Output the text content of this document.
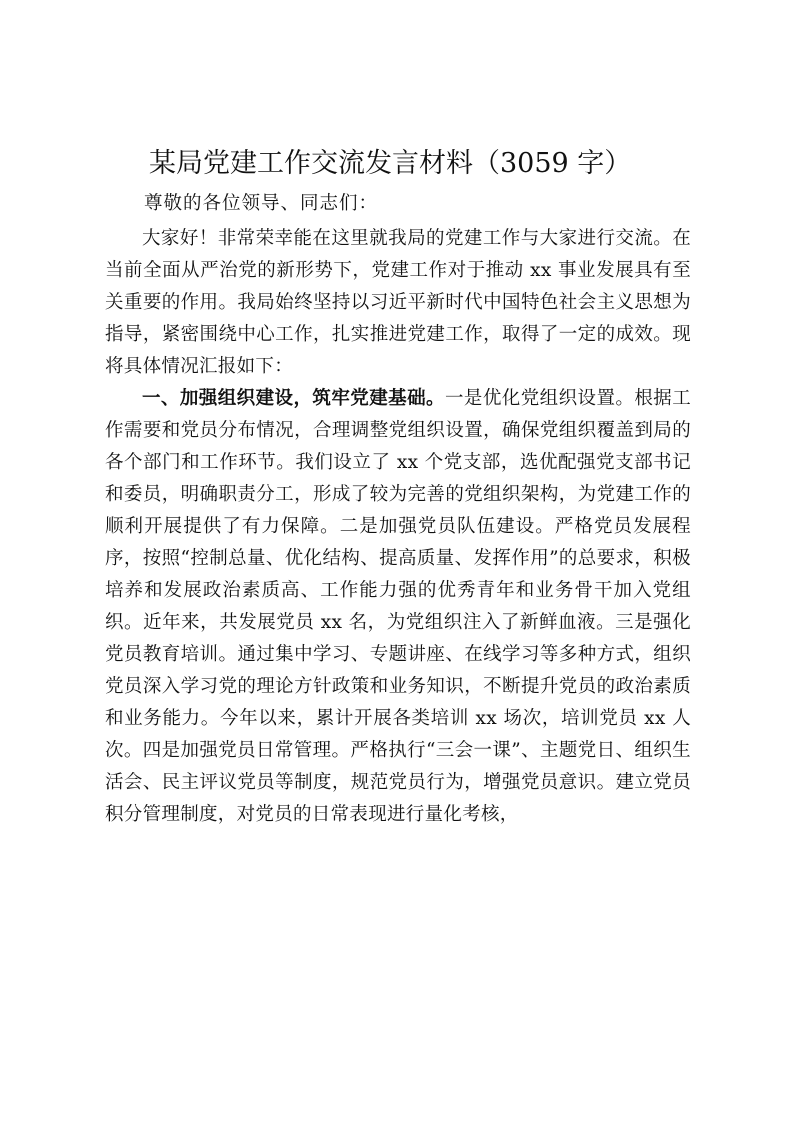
某局党建工作交流发言材料（3059 字）

尊敬的各位领导、同志们：

大家好！非常荣幸能在这里就我局的党建工作与大家进行交流。在当前全面从严治党的新形势下，党建工作对于推动 xx 事业发展具有至关重要的作用。我局始终坚持以习近平新时代中国特色社会主义思想为指导，紧密围绕中心工作，扎实推进党建工作，取得了一定的成效。现将具体情况汇报如下：

一、加强组织建设，筑牢党建基础。一是优化党组织设置。根据工作需要和党员分布情况，合理调整党组织设置，确保党组织覆盖到局的各个部门和工作环节。我们设立了 xx 个党支部，选优配强党支部书记和委员，明确职责分工，形成了较为完善的党组织架构，为党建工作的顺利开展提供了有力保障。二是加强党员队伍建设。严格党员发展程序，按照“控制总量、优化结构、提高质量、发挥作用”的总要求，积极培养和发展政治素质高、工作能力强的优秀青年和业务骨干加入党组织。近年来，共发展党员 xx 名，为党组织注入了新鲜血液。三是强化党员教育培训。通过集中学习、专题讲座、在线学习等多种方式，组织党员深入学习党的理论方针政策和业务知识，不断提升党员的政治素质和业务能力。今年以来，累计开展各类培训 xx 场次，培训党员 xx 人次。四是加强党员日常管理。严格执行“三会一课”、主题党日、组织生活会、民主评议党员等制度，规范党员行为，增强党员意识。建立党员积分管理制度，对党员的日常表现进行量化考核，
